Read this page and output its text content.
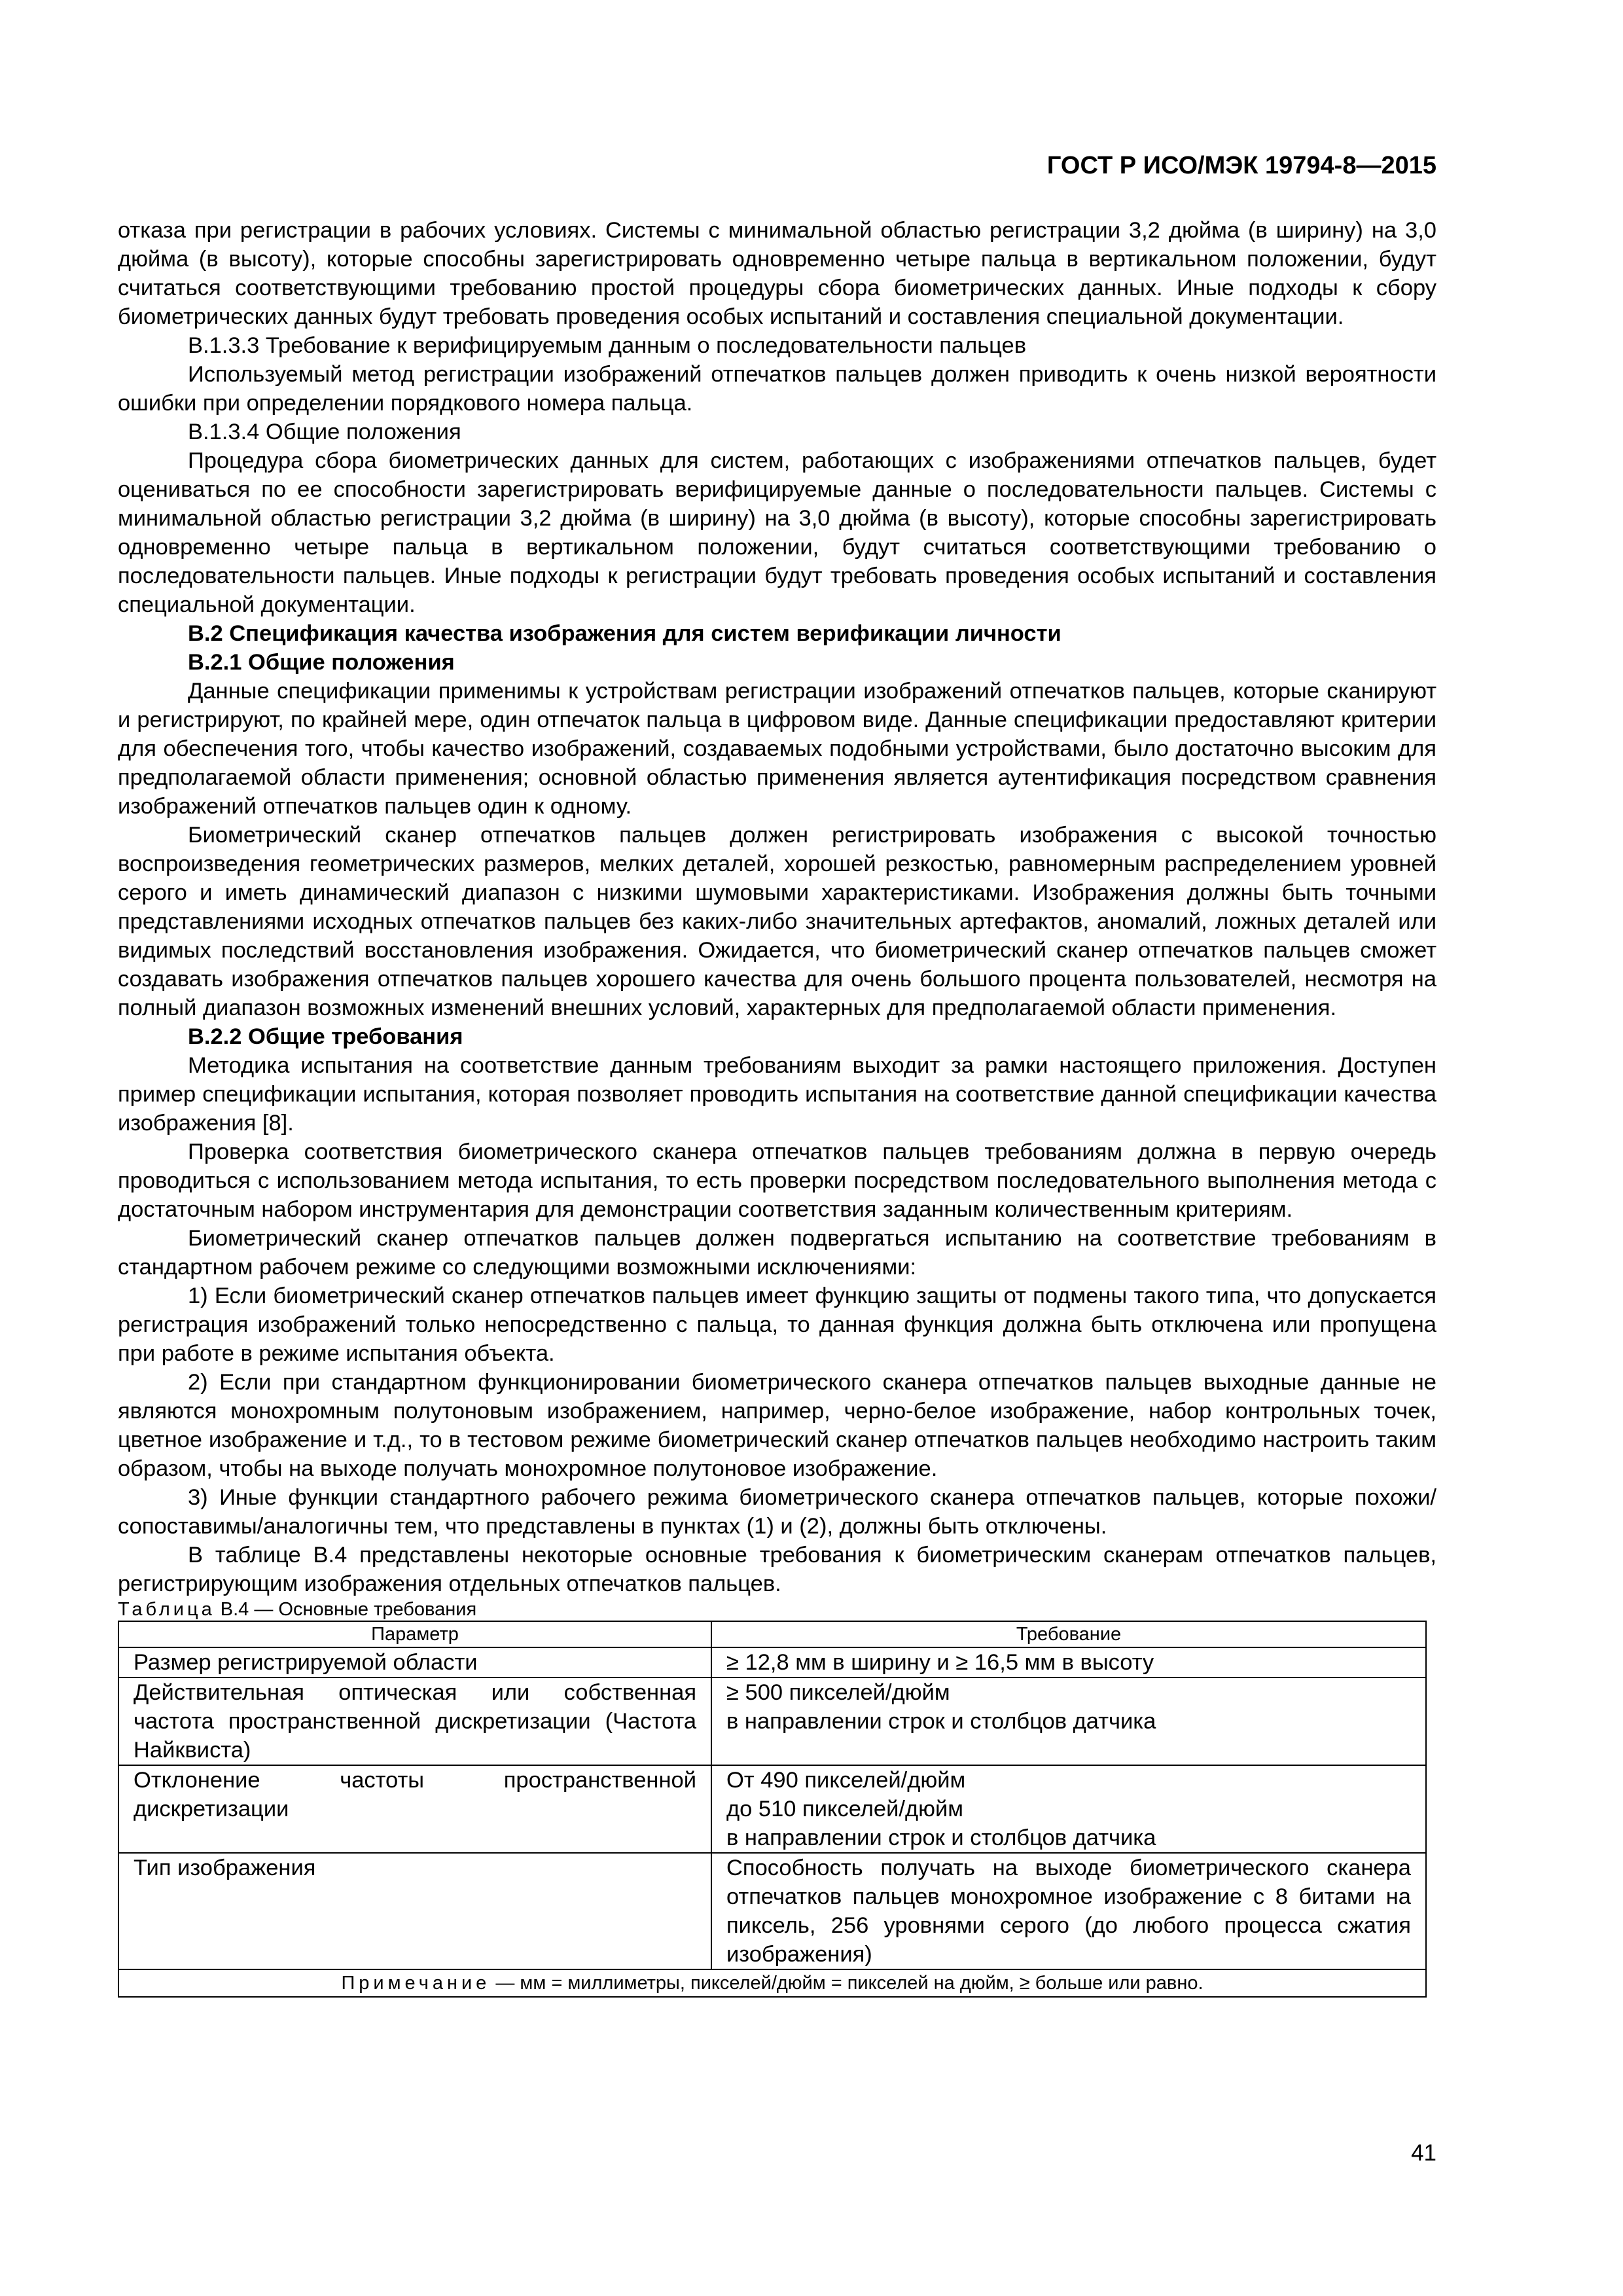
ГОСТ Р ИСО/МЭК 19794-8—2015

отказа при регистрации в рабочих условиях. Системы с минимальной областью регистрации 3,2 дюйма (в ширину) на 3,0 дюйма (в высоту), которые способны зарегистрировать одновременно четыре пальца в вертикальном положении, будут считаться соответствующими требованию простой процедуры сбора биометрических данных. Иные подходы к сбору биометрических данных будут требовать проведения особых испытаний и составления специальной документации.

В.1.3.3 Требование к верифицируемым данным о последовательности пальцев

Используемый метод регистрации изображений отпечатков пальцев должен приводить к очень низкой вероятности ошибки при определении порядкового номера пальца.

В.1.3.4 Общие положения

Процедура сбора биометрических данных для систем, работающих с изображениями отпечатков пальцев, будет оцениваться по ее способности зарегистрировать верифицируемые данные о последовательности пальцев. Системы с минимальной областью регистрации 3,2 дюйма (в ширину) на 3,0 дюйма (в высоту), которые способны зарегистрировать одновременно четыре пальца в вертикальном положении, будут считаться соответствующими требованию о последовательности пальцев. Иные подходы к регистрации будут требовать проведения особых испытаний и составления специальной документации.

В.2 Спецификация качества изображения для систем верификации личности

В.2.1 Общие положения

Данные спецификации применимы к устройствам регистрации изображений отпечатков пальцев, которые сканируют и регистрируют, по крайней мере, один отпечаток пальца в цифровом виде. Данные спецификации предоставляют критерии для обеспечения того, чтобы качество изображений, создаваемых подобными устройствами, было достаточно высоким для предполагаемой области применения; основной областью применения является аутентификация посредством сравнения изображений отпечатков пальцев один к одному.

Биометрический сканер отпечатков пальцев должен регистрировать изображения с высокой точностью воспроизведения геометрических размеров, мелких деталей, хорошей резкостью, равномерным распределением уровней серого и иметь динамический диапазон с низкими шумовыми характеристиками. Изображения должны быть точными представлениями исходных отпечатков пальцев без каких-либо значительных артефактов, аномалий, ложных деталей или видимых последствий восстановления изображения. Ожидается, что биометрический сканер отпечатков пальцев сможет создавать изображения отпечатков пальцев хорошего качества для очень большого процента пользователей, несмотря на полный диапазон возможных изменений внешних условий, характерных для предполагаемой области применения.

В.2.2 Общие требования

Методика испытания на соответствие данным требованиям выходит за рамки настоящего приложения. Доступен пример спецификации испытания, которая позволяет проводить испытания на соответствие данной спецификации качества изображения [8].

Проверка соответствия биометрического сканера отпечатков пальцев требованиям должна в первую очередь проводиться с использованием метода испытания, то есть проверки посредством последовательного выполнения метода с достаточным набором инструментария для демонстрации соответствия заданным количественным критериям.

Биометрический сканер отпечатков пальцев должен подвергаться испытанию на соответствие требованиям в стандартном рабочем режиме со следующими возможными исключениями:

1) Если биометрический сканер отпечатков пальцев имеет функцию защиты от подмены такого типа, что допускается регистрация изображений только непосредственно с пальца, то данная функция должна быть отключена или пропущена при работе в режиме испытания объекта.

2) Если при стандартном функционировании биометрического сканера отпечатков пальцев выходные данные не являются монохромным полутоновым изображением, например, черно-белое изображение, набор контрольных точек, цветное изображение и т.д., то в тестовом режиме биометрический сканер отпечатков пальцев необходимо настроить таким образом, чтобы на выходе получать монохромное полутоновое изображение.

3) Иные функции стандартного рабочего режима биометрического сканера отпечатков пальцев, которые похожи/сопоставимы/аналогичны тем, что представлены в пунктах (1) и (2), должны быть отключены.

В таблице В.4 представлены некоторые основные требования к биометрическим сканерам отпечатков пальцев, регистрирующим изображения отдельных отпечатков пальцев.

Таблица В.4 — Основные требования

Параметр	Требование
Размер регистрируемой области	≥ 12,8 мм в ширину и ≥ 16,5 мм в высоту

Действительная оптическая или собственная частота пространственной дискретизации (Частота Найквиста)	≥ 500 пикселей/дюйм
в направлении строк и столбцов датчика

Отклонение частоты пространственной дискретизации	От 490 пикселей/дюйм
до 510 пикселей/дюйм
в направлении строк и столбцов датчика

Тип изображения	Способность получать на выходе биометрического сканера отпечатков пальцев монохромное изображение с 8 битами на пиксель, 256 уровнями серого (до любого процесса сжатия изображения)

Примечание — мм = миллиметры, пикселей/дюйм = пикселей на дюйм, ≥ больше или равно.	
41
